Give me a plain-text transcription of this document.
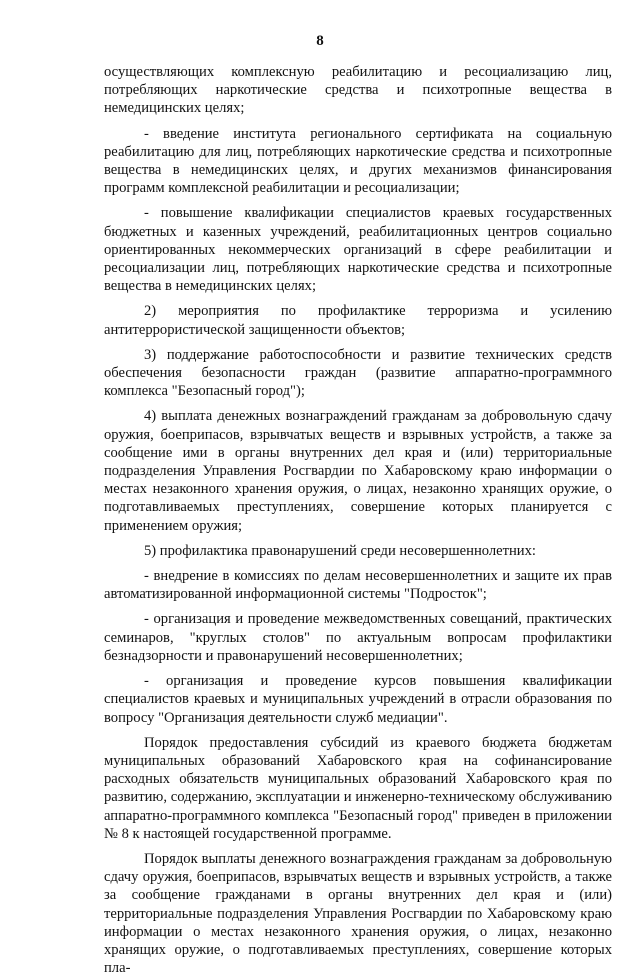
8

осуществляющих комплексную реабилитацию и ресоциализацию лиц, потребляющих наркотические средства и психотропные вещества в немедицинских целях;

- введение института регионального сертификата на социальную реабилитацию для лиц, потребляющих наркотические средства и психотропные вещества в немедицинских целях, и других механизмов финансирования программ комплексной реабилитации и ресоциализации;

- повышение квалификации специалистов краевых государственных бюджетных и казенных учреждений, реабилитационных центров социально ориентированных некоммерческих организаций в сфере реабилитации и ресоциализации лиц, потребляющих наркотические средства и психотропные вещества в немедицинских целях;

2) мероприятия по профилактике терроризма и усилению антитеррористической защищенности объектов;

3) поддержание работоспособности и развитие технических средств обеспечения безопасности граждан (развитие аппаратно-программного комплекса "Безопасный город");

4) выплата денежных вознаграждений гражданам за добровольную сдачу оружия, боеприпасов, взрывчатых веществ и взрывных устройств, а также за сообщение ими в органы внутренних дел края и (или) территориальные подразделения Управления Росгвардии по Хабаровскому краю информации о местах незаконного хранения оружия, о лицах, незаконно хранящих оружие, о подготавливаемых преступлениях, совершение которых планируется с применением оружия;

5) профилактика правонарушений среди несовершеннолетних:

- внедрение в комиссиях по делам несовершеннолетних и защите их прав автоматизированной информационной системы "Подросток";

- организация и проведение межведомственных совещаний, практических семинаров, "круглых столов" по актуальным вопросам профилактики безнадзорности и правонарушений несовершеннолетних;

- организация и проведение курсов повышения квалификации специалистов краевых и муниципальных учреждений в отрасли образования по вопросу "Организация деятельности служб медиации".

Порядок предоставления субсидий из краевого бюджета бюджетам муниципальных образований Хабаровского края на софинансирование расходных обязательств муниципальных образований Хабаровского края по развитию, содержанию, эксплуатации и инженерно-техническому обслуживанию аппаратно-программного комплекса "Безопасный город" приведен в приложении № 8 к настоящей государственной программе.

Порядок выплаты денежного вознаграждения гражданам за добровольную сдачу оружия, боеприпасов, взрывчатых веществ и взрывных устройств, а также за сообщение гражданами в органы внутренних дел края и (или) территориальные подразделения Управления Росгвардии по Хабаровскому краю информации о местах незаконного хранения оружия, о лицах, незаконно хранящих оружие, о подготавливаемых преступлениях, совершение которых пла-
